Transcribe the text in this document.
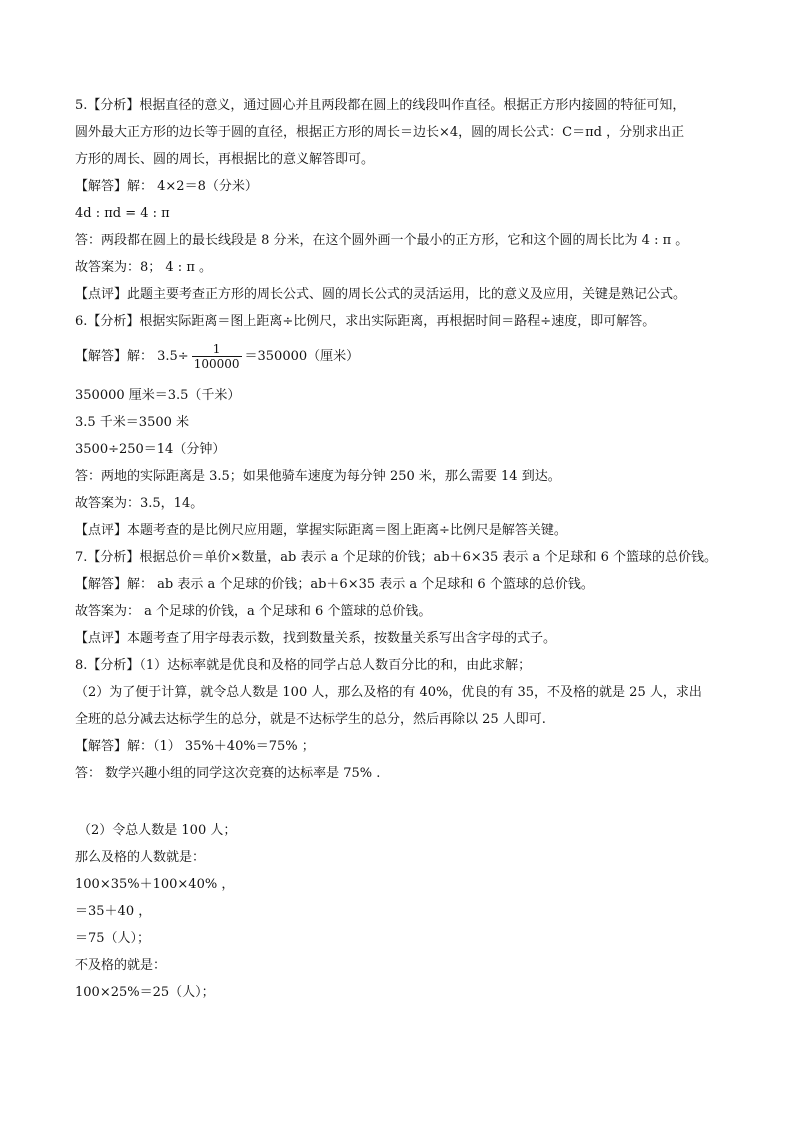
5.【分析】根据直径的意义，通过圆心并且两段都在圆上的线段叫作直径。根据正方形内接圆的特征可知，
圆外最大正方形的边长等于圆的直径，根据正方形的周长＝边长×4，圆的周长公式：C＝πd ，分别求出正
方形的周长、圆的周长，再根据比的意义解答即可。
【解答】解： 4×2＝8（分米）
4d : πd = 4 : π
答：两段都在圆上的最长线段是 8 分米，在这个圆外画一个最小的正方形，它和这个圆的周长比为 4 : π 。
故答案为：8； 4 : π 。
【点评】此题主要考查正方形的周长公式、圆的周长公式的灵活运用，比的意义及应用，关键是熟记公式。
6.【分析】根据实际距离＝图上距离÷比例尺，求出实际距离，再根据时间＝路程÷速度，即可解答。
【解答】解： $3.5\div \frac{1}{100000} =350000$（厘米）
350000 厘米＝3.5（千米）
3.5 千米＝3500 米
3500÷250＝14（分钟）
答：两地的实际距离是 3.5；如果他骑车速度为每分钟 250 米，那么需要 14 到达。
故答案为：3.5，14。
【点评】本题考查的是比例尺应用题，掌握实际距离＝图上距离÷比例尺是解答关键。
7.【分析】根据总价＝单价×数量，ab 表示 a 个足球的价钱；ab＋6×35 表示 a 个足球和 6 个篮球的总价钱。
【解答】解： ab 表示 a 个足球的价钱；ab＋6×35 表示 a 个足球和 6 个篮球的总价钱。
故答案为： a 个足球的价钱，a 个足球和 6 个篮球的总价钱。
【点评】本题考查了用字母表示数，找到数量关系，按数量关系写出含字母的式子。
8.【分析】（1）达标率就是优良和及格的同学占总人数百分比的和，由此求解；
（2）为了便于计算，就令总人数是 100 人，那么及格的有 40%，优良的有 35，不及格的就是 25 人，求出
全班的总分减去达标学生的总分，就是不达标学生的总分，然后再除以 25 人即可.
【解答】解：（1） 35%＋40%＝75% ；
答： 数学兴趣小组的同学这次竞赛的达标率是 75% .
（2）令总人数是 100 人；
那么及格的人数就是：
100×35%＋100×40% ，
＝35＋40 ，
＝75（人）；
不及格的就是：
100×25%＝25（人）；
